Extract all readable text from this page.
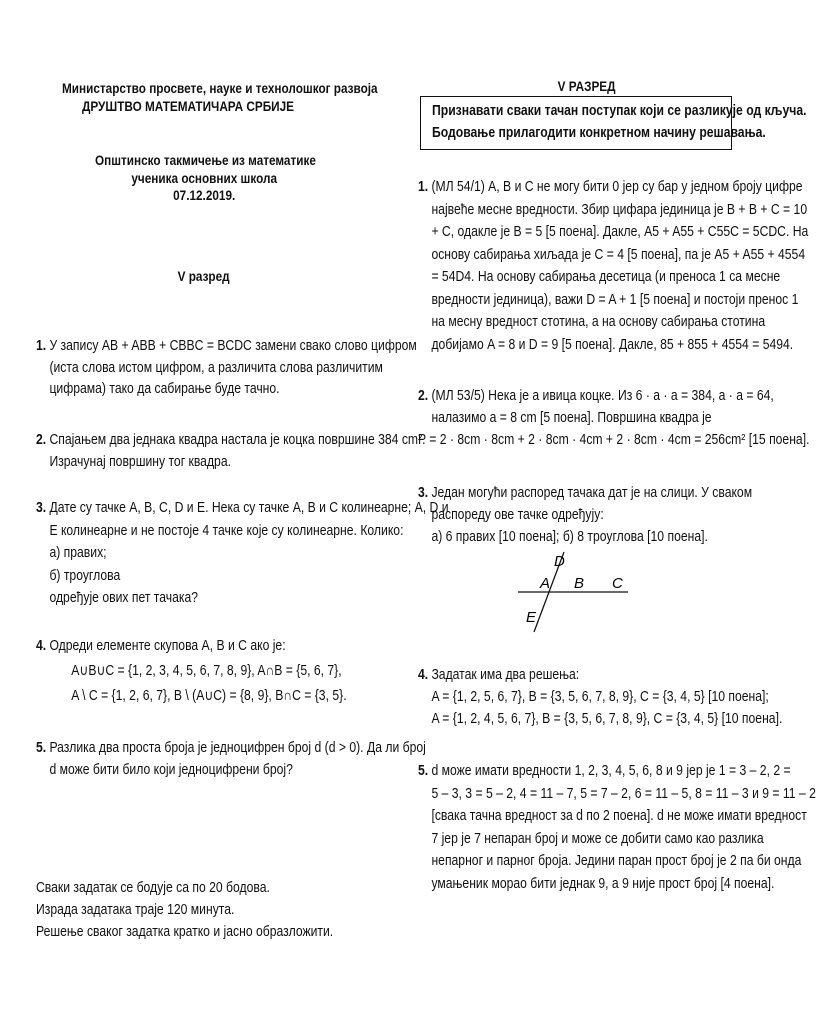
Министарство просвете, науке и технолошког развоја
ДРУШТВО МАТЕМАТИЧАРА СРБИЈЕ
Општинско такмичење из математике
ученика основних школа
07.12.2019.
V разред
1. У запису AB + ABB + CBBC = BCDC замени свако слово цифром
(иста слова истом цифром, а различита слова различитим
цифрама) тако да сабирање буде тачно.
2. Спајањем два једнака квадра настала је коцка површине 384 cm².
Израчунај површину тог квадра.
3. Дате су тачке A, B, C, D и E. Нека су тачке A, B и C колинеарне; A, D и
E колинеарне и не постоје 4 тачке које су колинеарне. Колико:
а) правих;
б) троуглова
одређује ових пет тачака?
4. Одреди елементе скупова A, B и C ако је:
A∪B∪C = {1, 2, 3, 4, 5, 6, 7, 8, 9}, A∩B = {5, 6, 7},
A \ C = {1, 2, 6, 7}, B \ (A∪C) = {8, 9}, B∩C = {3, 5}.
5. Разлика два проста броја је једноцифрен број d (d > 0). Да ли број
d може бити било који једноцифрени број?
Сваки задатак се бодује са по 20 бодова.
Израда задатака траје 120 минута.
Решење сваког задатка кратко и јасно образложити.
V РАЗРЕД
Признавати сваки тачан поступак који се разликује од кључа.
Бодовање прилагодити конкретном начину решавања.
1. (МЛ 54/1) A, B и C не могу бити 0 јер су бар у једном броју цифре
највеће месне вредности. Збир цифара јединица је B + B + C = 10
+ C, одакле је B = 5 [5 поена]. Дакле, A5 + A55 + C55C = 5CDC. На
основу сабирања хиљада је C = 4 [5 поена], па је A5 + A55 + 4554
= 54D4. На основу сабирања десетица (и преноса 1 са месне
вредности јединица), важи D = A + 1 [5 поена] и постоји пренос 1
на месну вредност стотина, а на основу сабирања стотина
добијамо A = 8 и D = 9 [5 поена]. Дакле, 85 + 855 + 4554 = 5494.
2. (МЛ 53/5) Нека је a ивица коцке. Из 6 · a · a = 384, a · a = 64,
налазимо a = 8 cm [5 поена]. Површина квадра је
P = 2 · 8cm · 8cm + 2 · 8cm · 4cm + 2 · 8cm · 4cm = 256cm² [15 поена].
3. Један могући распоред тачака дат је на слици. У сваком
распореду ове тачке одређују:
а) 6 правих [10 поена]; б) 8 троуглова [10 поена].
D
A B C
E
4. Задатак има два решења:
A = {1, 2, 5, 6, 7}, B = {3, 5, 6, 7, 8, 9}, C = {3, 4, 5} [10 поена];
A = {1, 2, 4, 5, 6, 7}, B = {3, 5, 6, 7, 8, 9}, C = {3, 4, 5} [10 поена].
5. d може имати вредности 1, 2, 3, 4, 5, 6, 8 и 9 јер је 1 = 3 – 2, 2 =
5 – 3, 3 = 5 – 2, 4 = 11 – 7, 5 = 7 – 2, 6 = 11 – 5, 8 = 11 – 3 и 9 = 11 – 2
[свака тачна вредност за d по 2 поена]. d не може имати вредност
7 јер је 7 непаран број и може се добити само као разлика
непарног и парног броја. Једини паран прост број је 2 па би онда
умањеник морао бити једнак 9, а 9 није прост број [4 поена].
